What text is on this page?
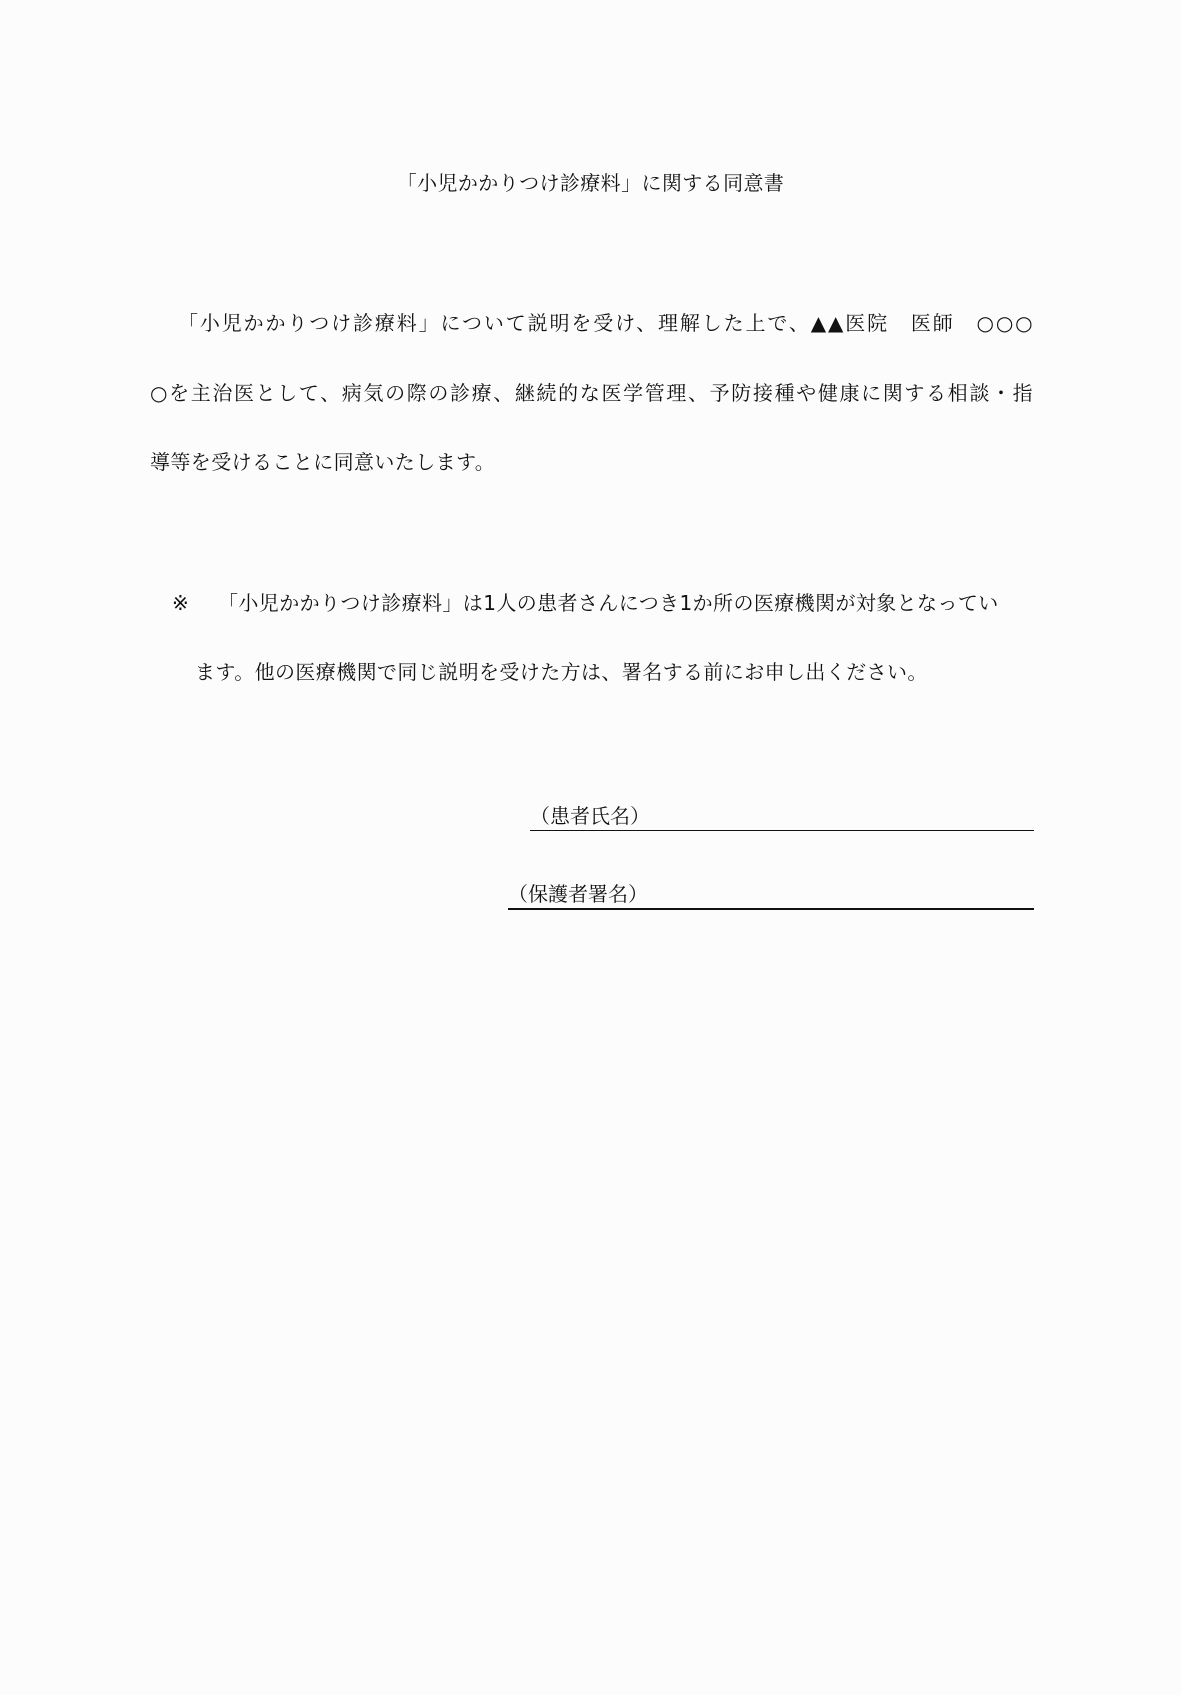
「小児かかりつけ診療料」に関する同意書
「小児かかりつけ診療料」について説明を受け、理解した上で、▲▲医院　医師　○○○
○を主治医として、病気の際の診療、継続的な医学管理、予防接種や健康に関する相談・指
導等を受けることに同意いたします。
※ 「小児かかりつけ診療料」は1人の患者さんにつき1か所の医療機関が対象となってい
ます。他の医療機関で同じ説明を受けた方は、署名する前にお申し出ください。
（患者氏名）
（保護者署名）
